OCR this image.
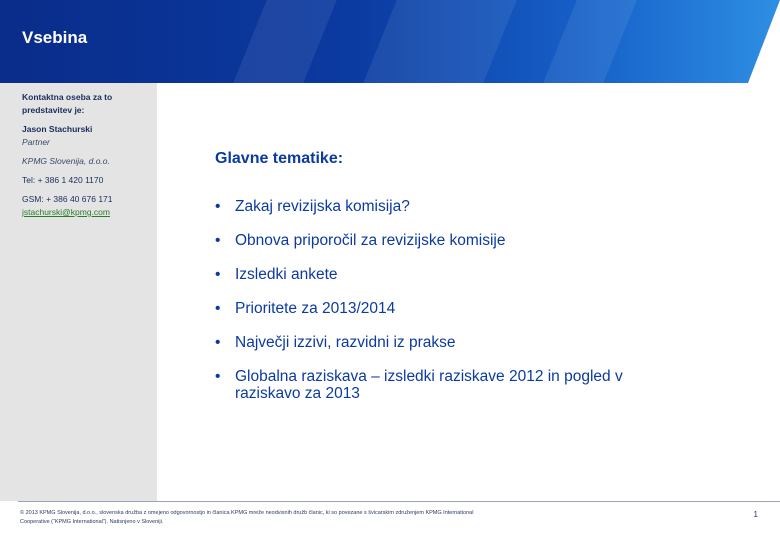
Vsebina
Kontaktna oseba za to predstavitev je:
Jason Stachurski
Partner
KPMG Slovenija, d.o.o.
Tel: + 386 1 420 1170
GSM: + 386 40 676 171
jstachurski@kpmg.com
Glavne tematike:
• Zakaj revizijska komisija?
• Obnova priporočil za revizijske komisije
• Izsledki ankete
• Prioritete za 2013/2014
• Največji izzivi, razvidni iz prakse
• Globalna raziskava – izsledki raziskave 2012 in pogled v raziskavo za 2013
© 2013 KPMG Slovenija, d.o.o., slovenska družba z omejeno odgovornostjo in članica KPMG mreže neodvisnih družb članic, ki so povezane s švicarskim združenjem KPMG International Cooperative (“KPMG International”). Natisnjeno v Sloveniji.
1
